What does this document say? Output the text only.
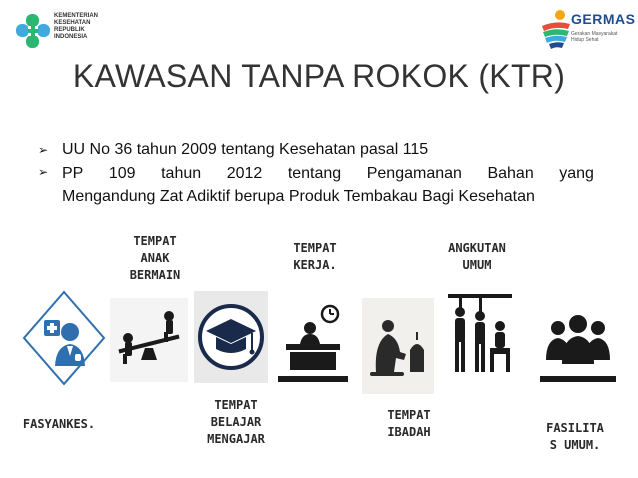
KEMENTERIAN
KESEHATAN
REPUBLIK
INDONESIA
GERMAS
Gerakan Masyarakat
Hidup Sehat
KAWASAN TANPA ROKOK (KTR)
➢ UU No 36 tahun 2009 tentang Kesehatan pasal 115
➢ PP 109 tahun 2012 tentang Pengamanan Bahan yang
Mengandung Zat Adiktif berupa Produk Tembakau Bagi Kesehatan
TEMPAT
ANAK
BERMAIN
TEMPAT
KERJA.
ANGKUTAN
UMUM
FASYANKES.
TEMPAT
BELAJAR
MENGAJAR
TEMPAT
IBADAH	FASILITA
S UMUM.
